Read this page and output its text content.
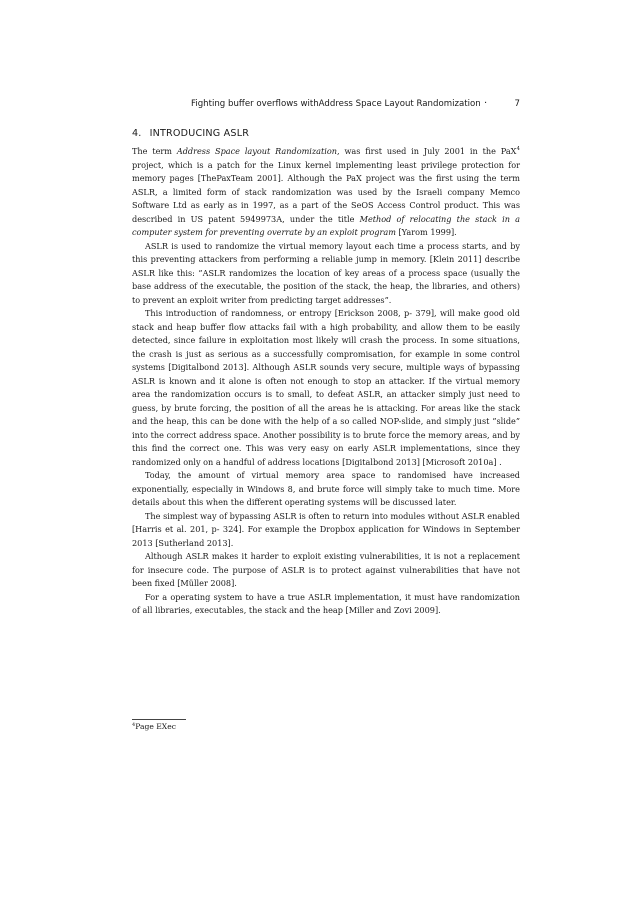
Fighting buffer overflows withAddress Space Layout Randomization ·	7
4. INTRODUCING ASLR

The term Address Space layout Randomization, was first used in July 2001 in the PaX$^4$ project, which is a patch for the Linux kernel implementing least privilege protection for memory pages [ThePaxTeam 2001]. Although the PaX project was the first using the term ASLR, a limited form of stack randomization was used by the Israeli company Memco Software Ltd as early as in 1997, as a part of the SeOS Access Control product. This was described in US patent 5949973A, under the title Method of relocating the stack in a computer system for preventing overrate by an exploit program [Yarom 1999].

ASLR is used to randomize the virtual memory layout each time a process starts, and by this preventing attackers from performing a reliable jump in memory. [Klein 2011] describe ASLR like this: ”ASLR randomizes the location of key areas of a process space (usually the base address of the executable, the position of the stack, the heap, the libraries, and others) to prevent an exploit writer from predicting target addresses”.

This introduction of randomness, or entropy [Erickson 2008, p- 379], will make good old stack and heap buffer flow attacks fail with a high probability, and allow them to be easily detected, since failure in exploitation most likely will crash the process. In some situations, the crash is just as serious as a successfully compromisation, for example in some control systems [Digitalbond 2013]. Although ASLR sounds very secure, multiple ways of bypassing ASLR is known and it alone is often not enough to stop an attacker. If the virtual memory area the randomization occurs is to small, to defeat ASLR, an attacker simply just need to guess, by brute forcing, the position of all the areas he is attacking. For areas like the stack and the heap, this can be done with the help of a so called NOP-slide, and simply just ”slide” into the correct address space. Another possibility is to brute force the memory areas, and by this find the correct one. This was very easy on early ASLR implementations, since they randomized only on a handful of address locations [Digitalbond 2013] [Microsoft 2010a] .

Today, the amount of virtual memory area space to randomised have increased exponentially, especially in Windows 8, and brute force will simply take to much time. More details about this when the different operating systems will be discussed later.

The simplest way of bypassing ASLR is often to return into modules without ASLR enabled [Harris et al. 201, p- 324]. For example the Dropbox application for Windows in September 2013 [Sutherland 2013].

Although ASLR makes it harder to exploit existing vulnerabilities, it is not a replacement for insecure code. The purpose of ASLR is to protect against vulnerabilities that have not been fixed [Müller 2008].

For a operating system to have a true ASLR implementation, it must have randomization of all libraries, executables, the stack and the heap [Miller and Zovi 2009].

$^4$Page EXec
